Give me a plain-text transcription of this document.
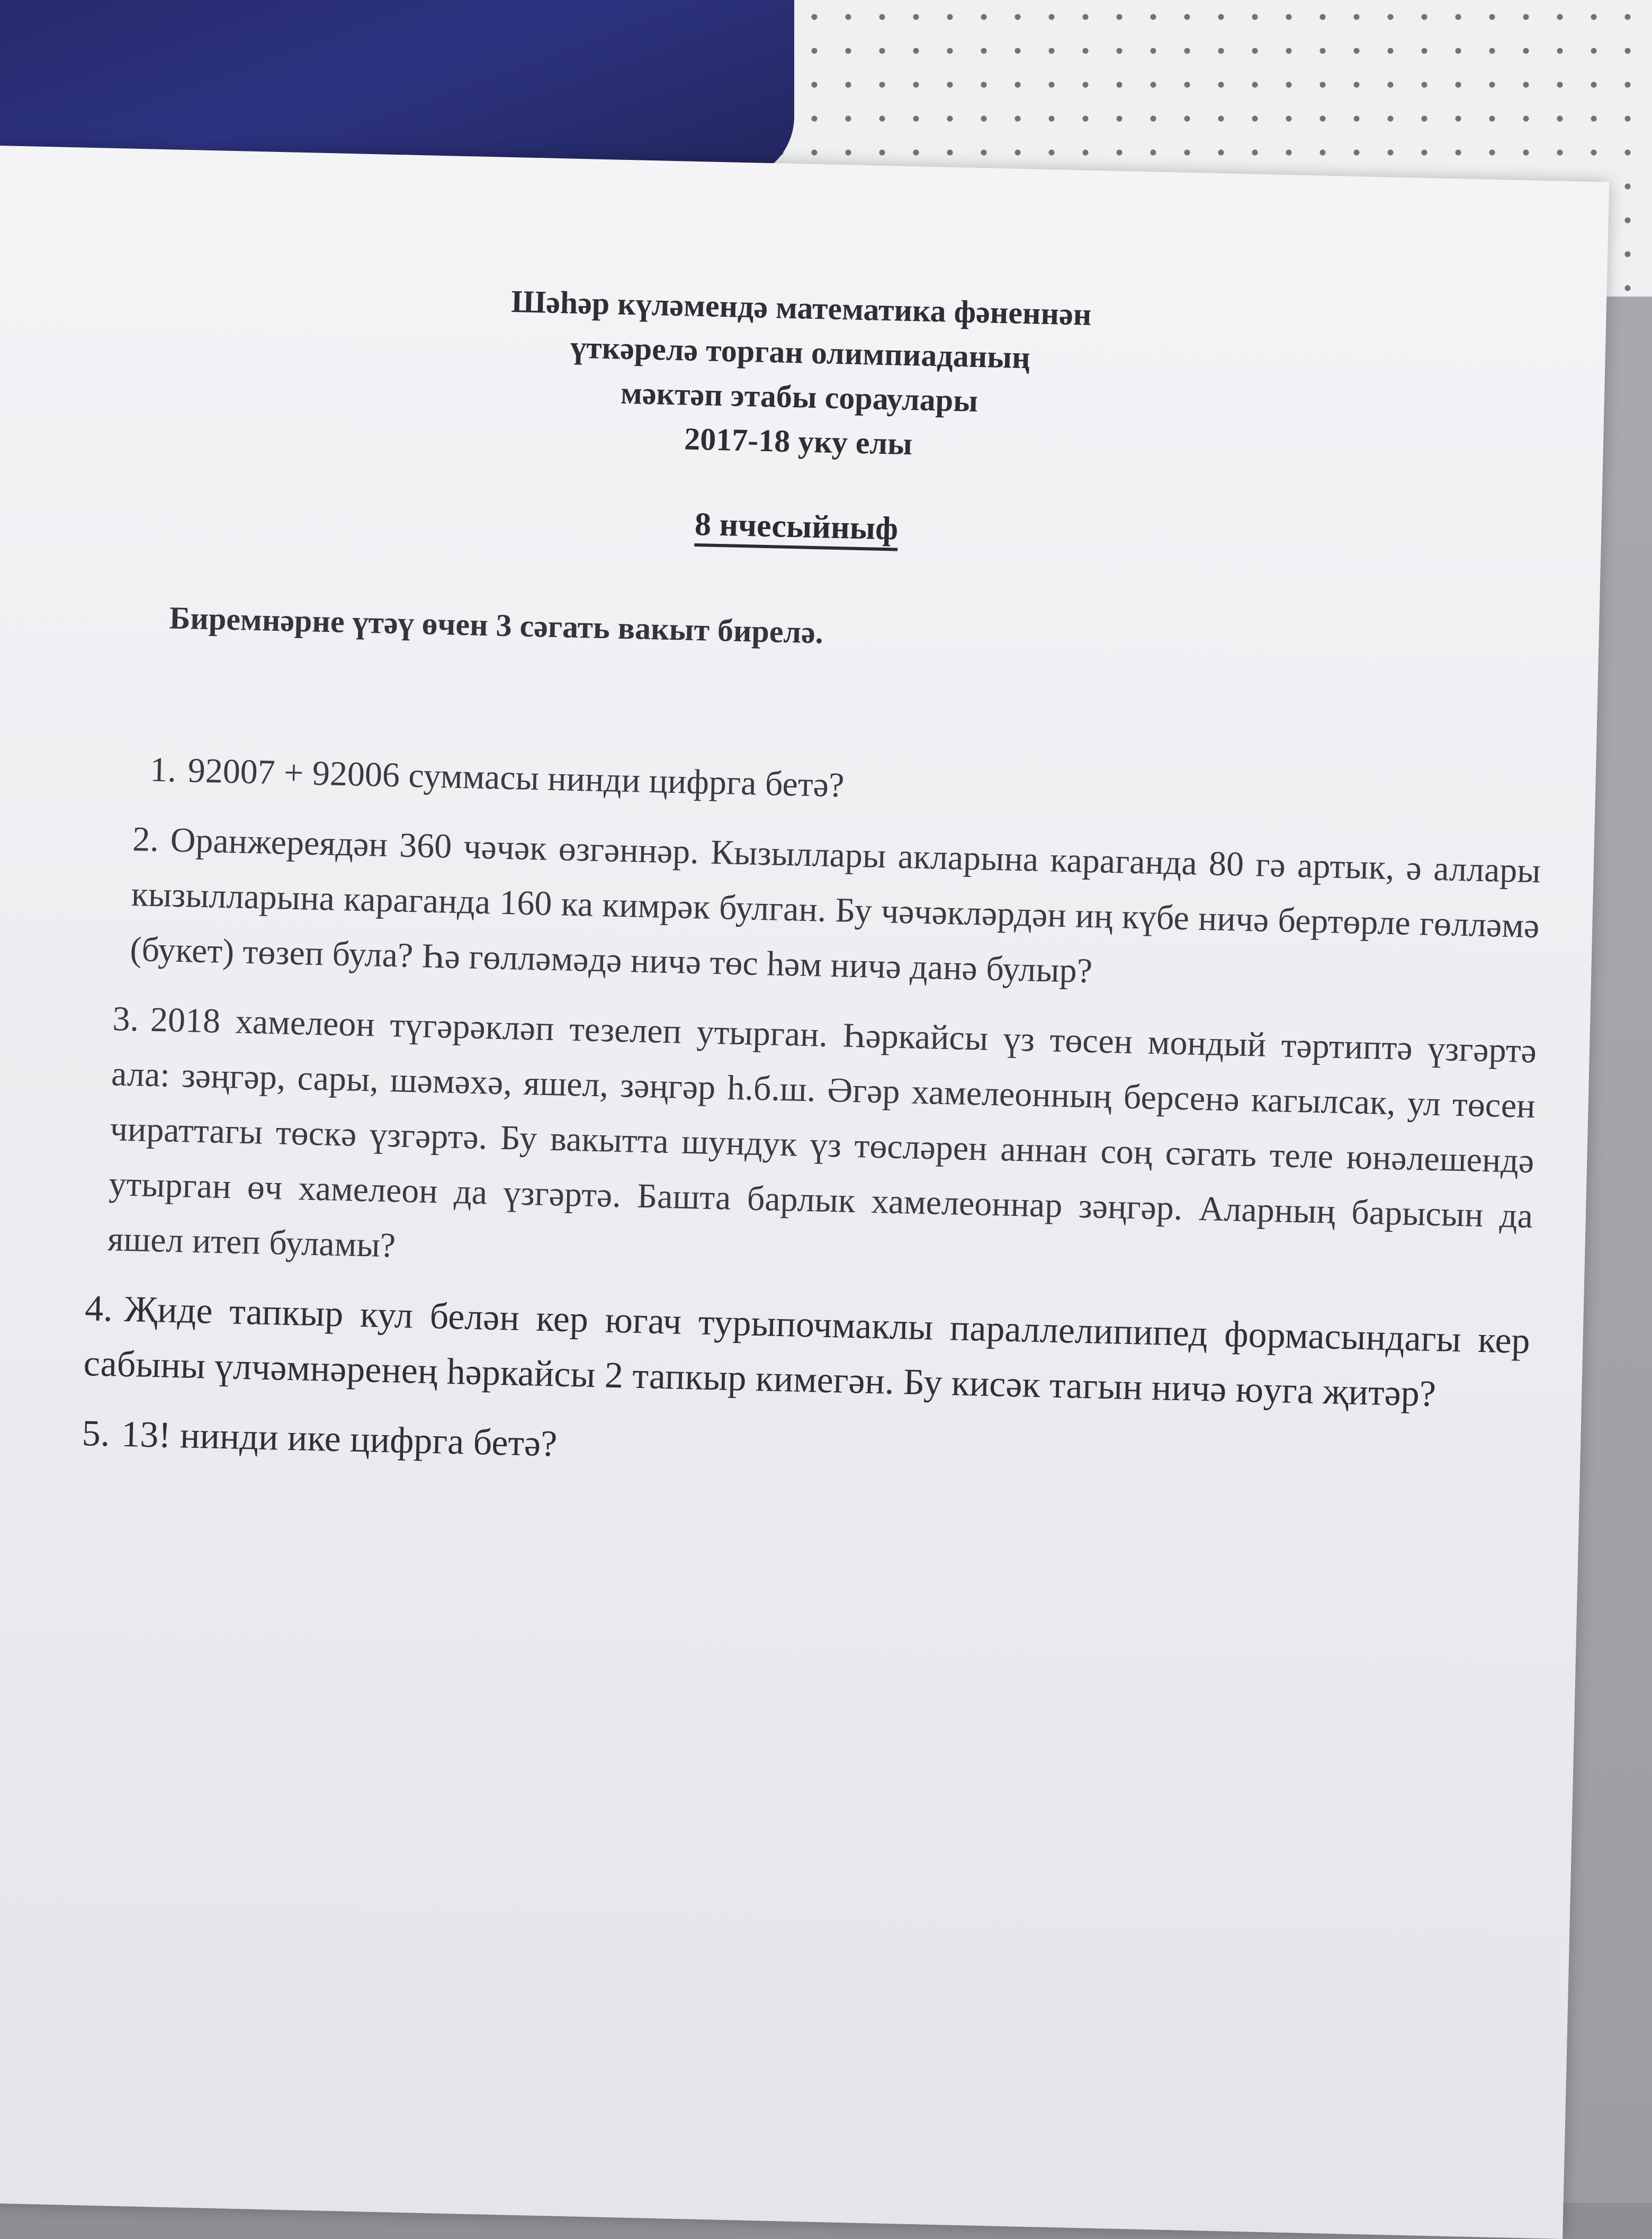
Шәһәр күләмендә математика фәненнән
үткәрелә торган олимпиаданың
мәктәп этабы сораулары
2017-18 уку елы
8 нчесыйныф
Биремнәрне үтәү өчен 3 сәгать вакыт бирелә.
1. 92007 + 92006 суммасы нинди цифрга бетә?
2. Оранжереядән 360 чәчәк өзгәннәр. Кызыллары акларына караганда 80 гә артык, ә аллары кызылларына караганда 160 ка кимрәк булган. Бу чәчәкләрдән иң күбе ничә бертөрле гөлләмә (букет) төзеп була? Һә гөлләмәдә ничә төс һәм ничә данә булыр?
3. 2018 хамелеон түгәрәкләп тезелеп утырган. Һәркайсы үз төсен мондый тәртиптә үзгәртә ала: зәңгәр, сары, шәмәхә, яшел, зәңгәр һ.б.ш. Әгәр хамелеонның берсенә кагылсак, ул төсен чираттагы төскә үзгәртә. Бу вакытта шундук үз төсләрен аннан соң сәгать теле юнәлешендә утырган өч хамелеон да үзгәртә. Башта барлык хамелеоннар зәңгәр. Аларның барысын да яшел итеп буламы?
4. Җиде тапкыр кул белән кер югач турыпочмаклы параллелипипед формасындагы кер сабыны үлчәмнәренең һәркайсы 2 тапкыр кимегән. Бу кисәк тагын ничә юуга җитәр?
5. 13! нинди ике цифрга бетә?
